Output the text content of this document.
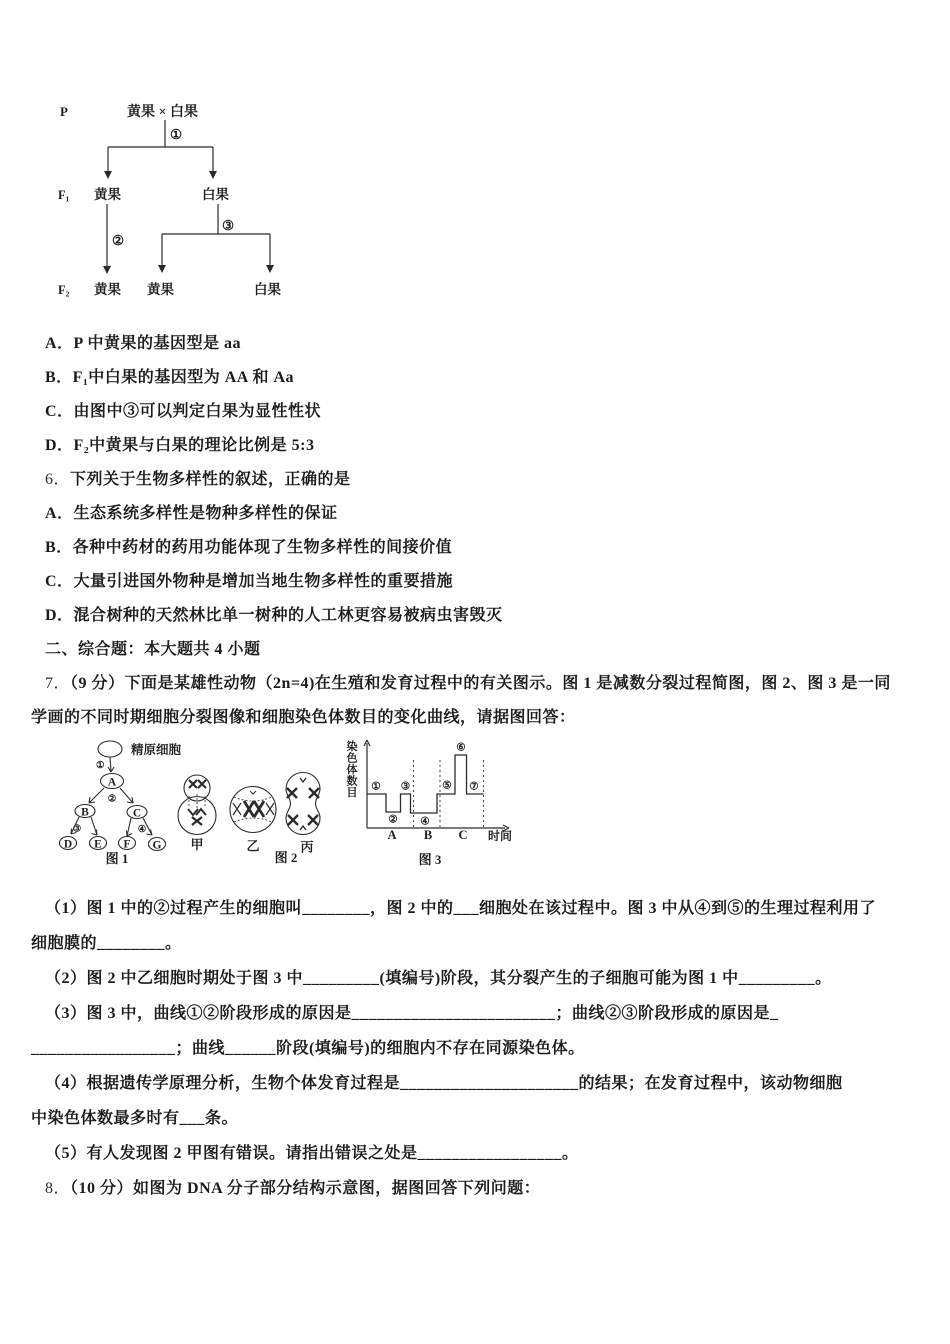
P	黄果 × 白果
①
F₁ 黄果	白果
②
③
F₂ 黄果 黄果	白果
A．P 中黄果的基因型是 aa
B．F₁中白果的基因型为 AA 和 Aa
C．由图中③可以判定白果为显性性状
D．F₂中黄果与白果的理论比例是 5:3
6．下列关于生物多样性的叙述，正确的是
A．生态系统多样性是物种多样性的保证
B．各种中药材的药用功能体现了生物多样性的间接价值
C．大量引进国外物种是增加当地生物多样性的重要措施
D．混合树种的天然林比单一树种的人工林更容易被病虫害毁灭
二、综合题：本大题共 4 小题
7．（9 分）下面是某雄性动物（2n=4)在生殖和发育过程中的有关图示。图 1 是减数分裂过程简图，图 2、图 3 是一同
学画的不同时期细胞分裂图像和细胞染色体数目的变化曲线，请据图回答：
精原细胞
①
A
②
B	C
③	④
D E F G
图 1
甲	乙	丙
图 2
染
色
体
数
目 ①
②
③
④
⑤
⑥
⑦
A B C 时间
图 3
（1）图 1 中的②过程产生的细胞叫________，图 2 中的___细胞处在该过程中。图 3 中从④到⑤的生理过程利用了
细胞膜的________。
（2）图 2 中乙细胞时期处于图 3 中_________(填编号)阶段，其分裂产生的子细胞可能为图 1 中_________。
（3）图 3 中，曲线①②阶段形成的原因是________________________；曲线②③阶段形成的原因是_
_________________；曲线______阶段(填编号)的细胞内不存在同源染色体。
（4）根据遗传学原理分析，生物个体发育过程是_____________________的结果；在发育过程中，该动物细胞
中染色体数最多时有___条。
（5）有人发现图 2 甲图有错误。请指出错误之处是_________________。
8．（10 分）如图为 DNA 分子部分结构示意图，据图回答下列问题：
